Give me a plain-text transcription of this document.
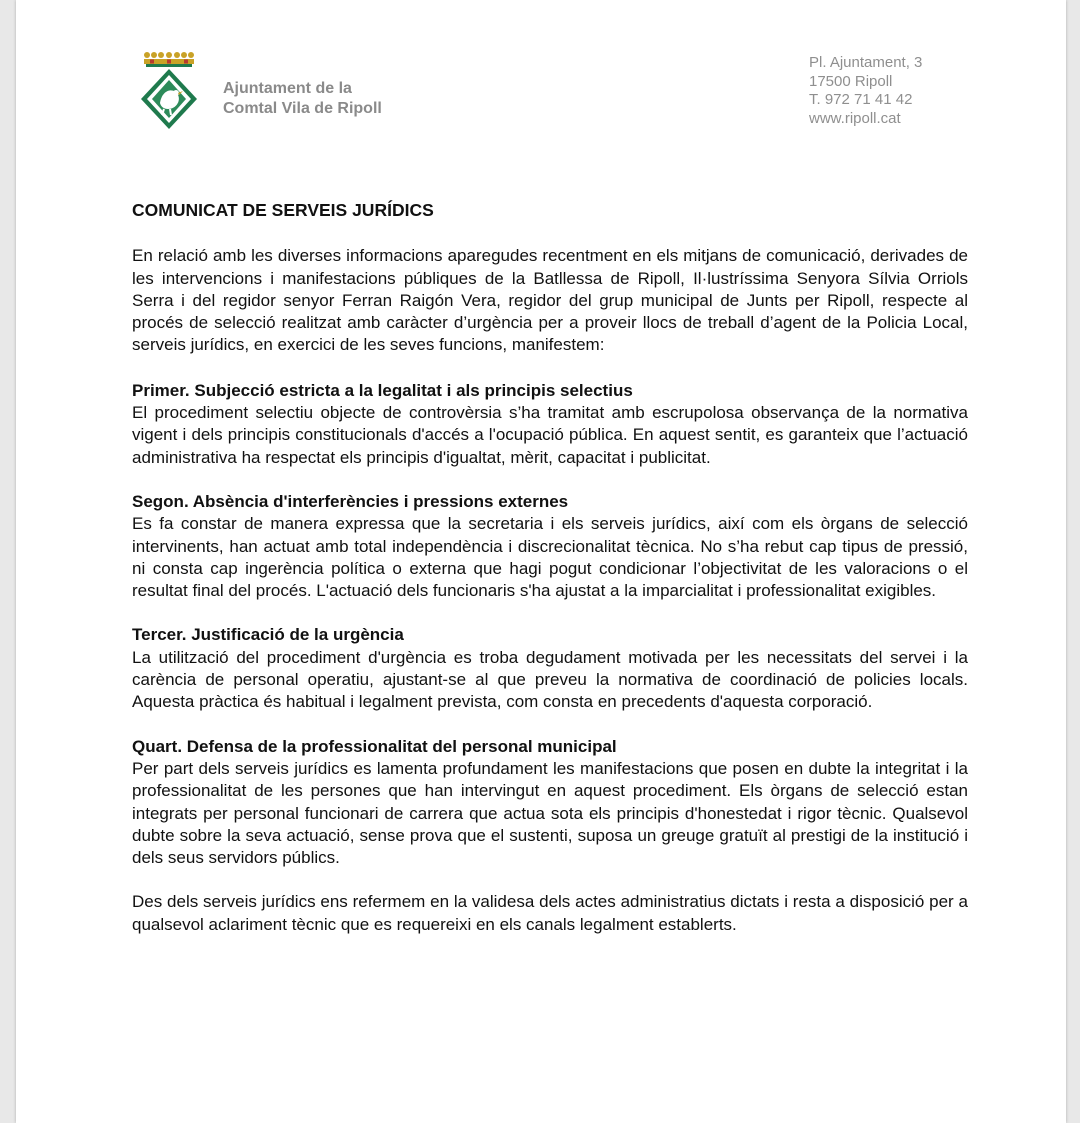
Ajuntament de la
Comtal Vila de Ripoll
Pl. Ajuntament, 3
17500 Ripoll
T. 972 71 41 42
www.ripoll.cat
COMUNICAT DE SERVEIS JURÍDICS

En relació amb les diverses informacions aparegudes recentment en els mitjans de comunicació, derivades de les intervencions i manifestacions públiques de la Batllessa de Ripoll, Il·lustríssima Senyora Sílvia Orriols Serra i del regidor senyor Ferran Raigón Vera, regidor del grup municipal de Junts per Ripoll, respecte al procés de selecció realitzat amb caràcter d’urgència per a proveir llocs de treball d’agent de la Policia Local, serveis jurídics, en exercici de les seves funcions, manifestem:

Primer. Subjecció estricta a la legalitat i als principis selectius

El procediment selectiu objecte de controvèrsia s’ha tramitat amb escrupolosa observança de la normativa vigent i dels principis constitucionals d'accés a l'ocupació pública. En aquest sentit, es garanteix que l’actuació administrativa ha respectat els principis d'igualtat, mèrit, capacitat i publicitat.

Segon. Absència d'interferències i pressions externes

Es fa constar de manera expressa que la secretaria i els serveis jurídics, així com els òrgans de selecció intervinents, han actuat amb total independència i discrecionalitat tècnica. No s’ha rebut cap tipus de pressió, ni consta cap ingerència política o externa que hagi pogut condicionar l’objectivitat de les valoracions o el resultat final del procés. L'actuació dels funcionaris s'ha ajustat a la imparcialitat i professionalitat exigibles.

Tercer. Justificació de la urgència

La utilització del procediment d'urgència es troba degudament motivada per les necessitats del servei i la carència de personal operatiu, ajustant-se al que preveu la normativa de coordinació de policies locals. Aquesta pràctica és habitual i legalment prevista, com consta en precedents d'aquesta corporació.

Quart. Defensa de la professionalitat del personal municipal

Per part dels serveis jurídics es lamenta profundament les manifestacions que posen en dubte la integritat i la professionalitat de les persones que han intervingut en aquest procediment. Els òrgans de selecció estan integrats per personal funcionari de carrera que actua sota els principis d'honestedat i rigor tècnic. Qualsevol dubte sobre la seva actuació, sense prova que el sustenti, suposa un greuge gratuït al prestigi de la institució i dels seus servidors públics.

Des dels serveis jurídics ens refermem en la validesa dels actes administratius dictats i resta a disposició per a qualsevol aclariment tècnic que es requereixi en els canals legalment establerts.
